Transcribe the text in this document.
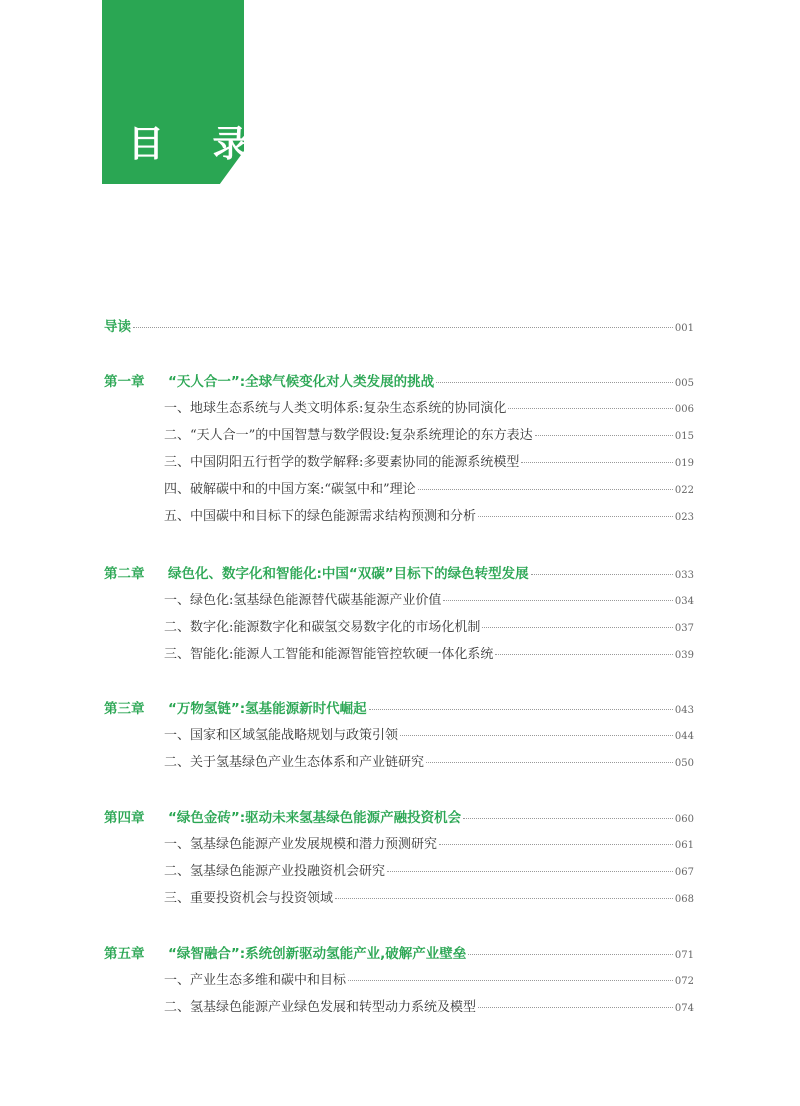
目 录
导读	001
第一章 “天人合一”:全球气候变化对人类发展的挑战	005
一、地球生态系统与人类文明体系:复杂生态系统的协同演化	006
二、“天人合一”的中国智慧与数学假设:复杂系统理论的东方表达	015
三、中国阴阳五行哲学的数学解释:多要素协同的能源系统模型	019
四、破解碳中和的中国方案:“碳氢中和”理论	022
五、中国碳中和目标下的绿色能源需求结构预测和分析	023
第二章 绿色化、数字化和智能化:中国“双碳”目标下的绿色转型发展	033
一、绿色化:氢基绿色能源替代碳基能源产业价值	034
二、数字化:能源数字化和碳氢交易数字化的市场化机制	037
三、智能化:能源人工智能和能源智能管控软硬一体化系统	039
第三章 “万物氢链”:氢基能源新时代崛起	043
一、国家和区域氢能战略规划与政策引领	044
二、关于氢基绿色产业生态体系和产业链研究	050
第四章 “绿色金砖”:驱动未来氢基绿色能源产融投资机会	060
一、氢基绿色能源产业发展规模和潜力预测研究	061
二、氢基绿色能源产业投融资机会研究	067
三、重要投资机会与投资领域	068
第五章 “绿智融合”:系统创新驱动氢能产业,破解产业壁垒	071
一、产业生态多维和碳中和目标	072
二、氢基绿色能源产业绿色发展和转型动力系统及模型	074
